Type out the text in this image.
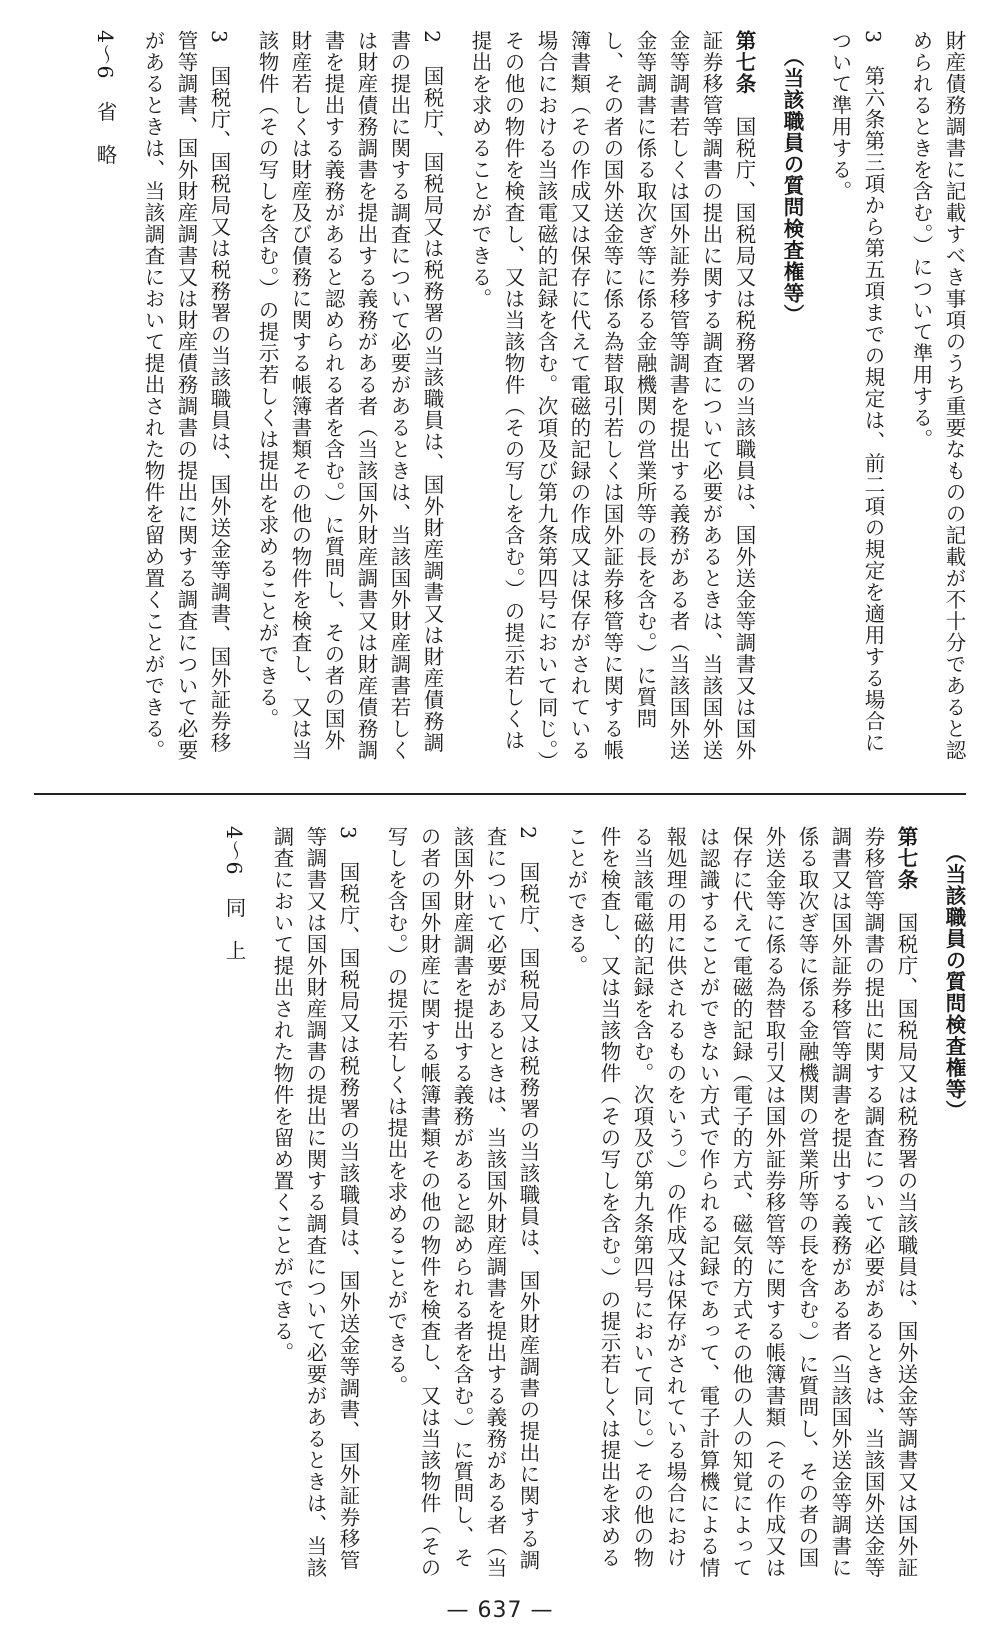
財産債務調書に記載すべき事項のうち重要なものの記載が不十分であると認められるときを含む。）について準用する。

3　第六条第三項から第五項までの規定は、前二項の規定を適用する場合について準用する。

（当該職員の質問検査権等）

第七条　国税庁、国税局又は税務署の当該職員は、国外送金等調書又は国外証券移管等調書の提出に関する調査について必要があるときは、当該国外送金等調書若しくは国外証券移管等調書を提出する義務がある者（当該国外送金等調書に係る取次ぎ等に係る金融機関の営業所等の長を含む。）に質問し、その者の国外送金等に係る為替取引若しくは国外証券移管等に関する帳簿書類（その作成又は保存に代えて電磁的記録の作成又は保存がされている場合における当該電磁的記録を含む。次項及び第九条第四号において同じ。）その他の物件を検査し、又は当該物件（その写しを含む。）の提示若しくは提出を求めることができる。

2　国税庁、国税局又は税務署の当該職員は、国外財産調書又は財産債務調書の提出に関する調査について必要があるときは、当該国外財産調書若しくは財産債務調書を提出する義務がある者（当該国外財産調書又は財産債務調書を提出する義務があると認められる者を含む。）に質問し、その者の国外財産若しくは財産及び債務に関する帳簿書類その他の物件を検査し、又は当該物件（その写しを含む。）の提示若しくは提出を求めることができる。

3　国税庁、国税局又は税務署の当該職員は、国外送金等調書、国外証券移管等調書、国外財産調書又は財産債務調書の提出に関する調査について必要があるときは、当該調査において提出された物件を留め置くことができる。

4～6　省　略

（当該職員の質問検査権等）

第七条　国税庁、国税局又は税務署の当該職員は、国外送金等調書又は国外証券移管等調書の提出に関する調査について必要があるときは、当該国外送金等調書又は国外証券移管等調書を提出する義務がある者（当該国外送金等調書に係る取次ぎ等に係る金融機関の営業所等の長を含む。）に質問し、その者の国外送金等に係る為替取引又は国外証券移管等に関する帳簿書類（その作成又は保存に代えて電磁的記録（電子的方式、磁気的方式その他の人の知覚によっては認識することができない方式で作られる記録であって、電子計算機による情報処理の用に供されるものをいう。）の作成又は保存がされている場合における当該電磁的記録を含む。次項及び第九条第四号において同じ。）その他の物件を検査し、又は当該物件（その写しを含む。）の提示若しくは提出を求めることができる。

2　国税庁、国税局又は税務署の当該職員は、国外財産調書の提出に関する調査について必要があるときは、当該国外財産調書を提出する義務がある者（当該国外財産調書を提出する義務があると認められる者を含む。）に質問し、その者の国外財産に関する帳簿書類その他の物件を検査し、又は当該物件（その写しを含む。）の提示若しくは提出を求めることができる。

3　国税庁、国税局又は税務署の当該職員は、国外送金等調書、国外証券移管等調書又は国外財産調書の提出に関する調査について必要があるときは、当該調査において提出された物件を留め置くことができる。

4～6　同　上

— 637 —
